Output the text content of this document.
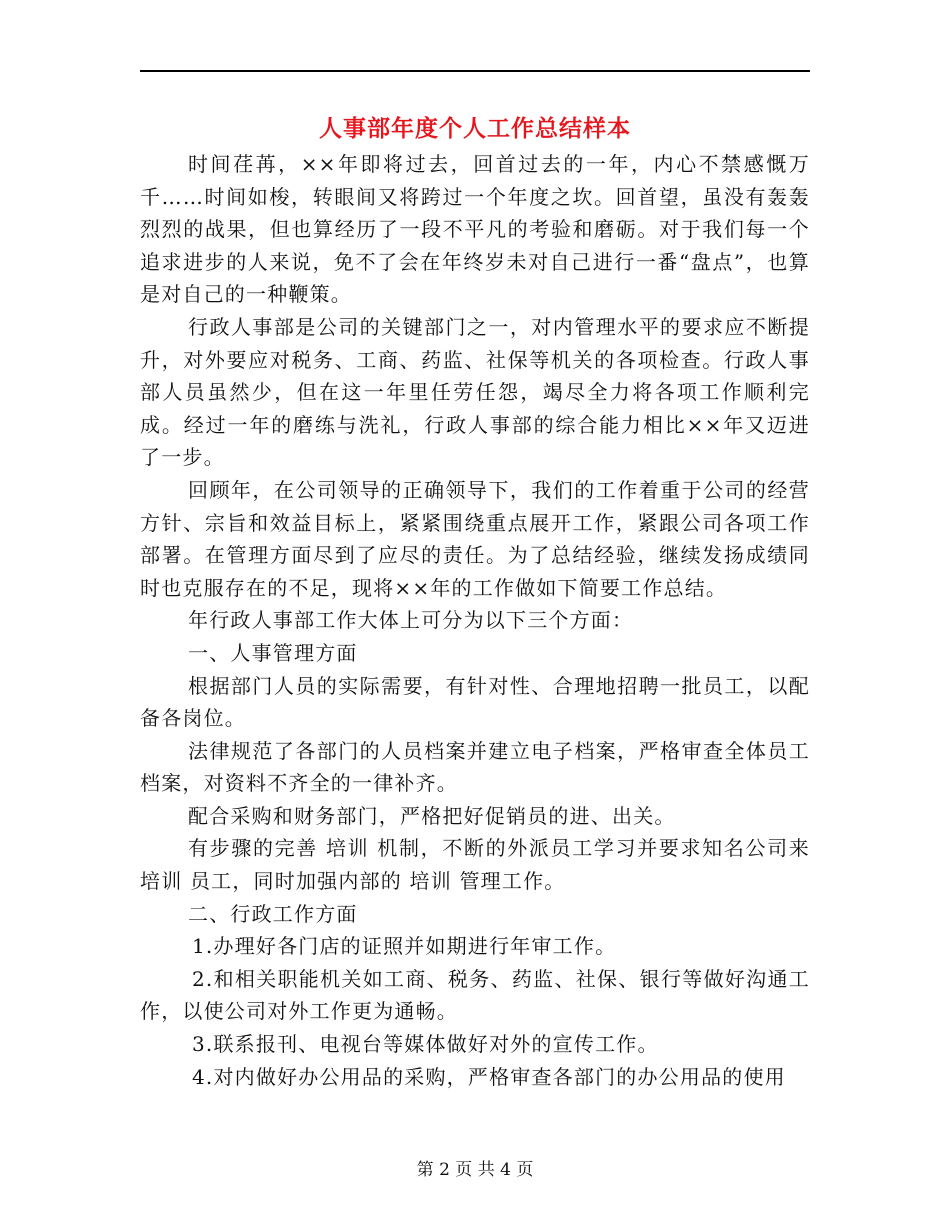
人事部年度个人工作总结样本

时间荏苒，××年即将过去，回首过去的一年，内心不禁感慨万千……时间如梭，转眼间又将跨过一个年度之坎。回首望，虽没有轰轰烈烈的战果，但也算经历了一段不平凡的考验和磨砺。对于我们每一个追求进步的人来说，免不了会在年终岁未对自己进行一番“盘点”，也算是对自己的一种鞭策。

行政人事部是公司的关键部门之一，对内管理水平的要求应不断提升，对外要应对税务、工商、药监、社保等机关的各项检查。行政人事部人员虽然少，但在这一年里任劳任怨，竭尽全力将各项工作顺利完成。经过一年的磨练与洗礼，行政人事部的综合能力相比××年又迈进了一步。

回顾年，在公司领导的正确领导下，我们的工作着重于公司的经营方针、宗旨和效益目标上，紧紧围绕重点展开工作，紧跟公司各项工作部署。在管理方面尽到了应尽的责任。为了总结经验，继续发扬成绩同时也克服存在的不足，现将××年的工作做如下简要工作总结。

年行政人事部工作大体上可分为以下三个方面：

一、人事管理方面

根据部门人员的实际需要，有针对性、合理地招聘一批员工，以配备各岗位。

法律规范了各部门的人员档案并建立电子档案，严格审查全体员工档案，对资料不齐全的一律补齐。

配合采购和财务部门，严格把好促销员的进、出关。

有步骤的完善 培训 机制，不断的外派员工学习并要求知名公司来 培训 员工，同时加强内部的 培训 管理工作。

二、行政工作方面

1.办理好各门店的证照并如期进行年审工作。

2.和相关职能机关如工商、税务、药监、社保、银行等做好沟通工作，以使公司对外工作更为通畅。

3.联系报刊、电视台等媒体做好对外的宣传工作。

4.对内做好办公用品的采购，严格审查各部门的办公用品的使用

第 2 页 共 4 页
